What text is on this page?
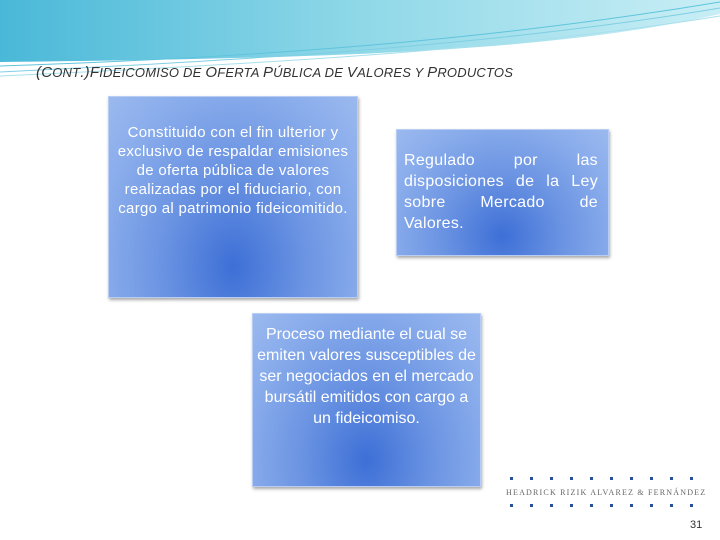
(CONT.)FIDEICOMISO DE OFERTA PÚBLICA DE VALORES Y PRODUCTOS
Constituido con el fin ulterior y exclusivo de respaldar emisiones de oferta pública de valores realizadas por el fiduciario, con cargo al patrimonio fideicomitido.
Regulado por las disposiciones de la Ley sobre Mercado de Valores.
Proceso mediante el cual se emiten valores susceptibles de ser negociados en el mercado bursátil emitidos con cargo a un fideicomiso.
HEADRICK RIZIK ALVAREZ & FERNÁNDEZ
31
